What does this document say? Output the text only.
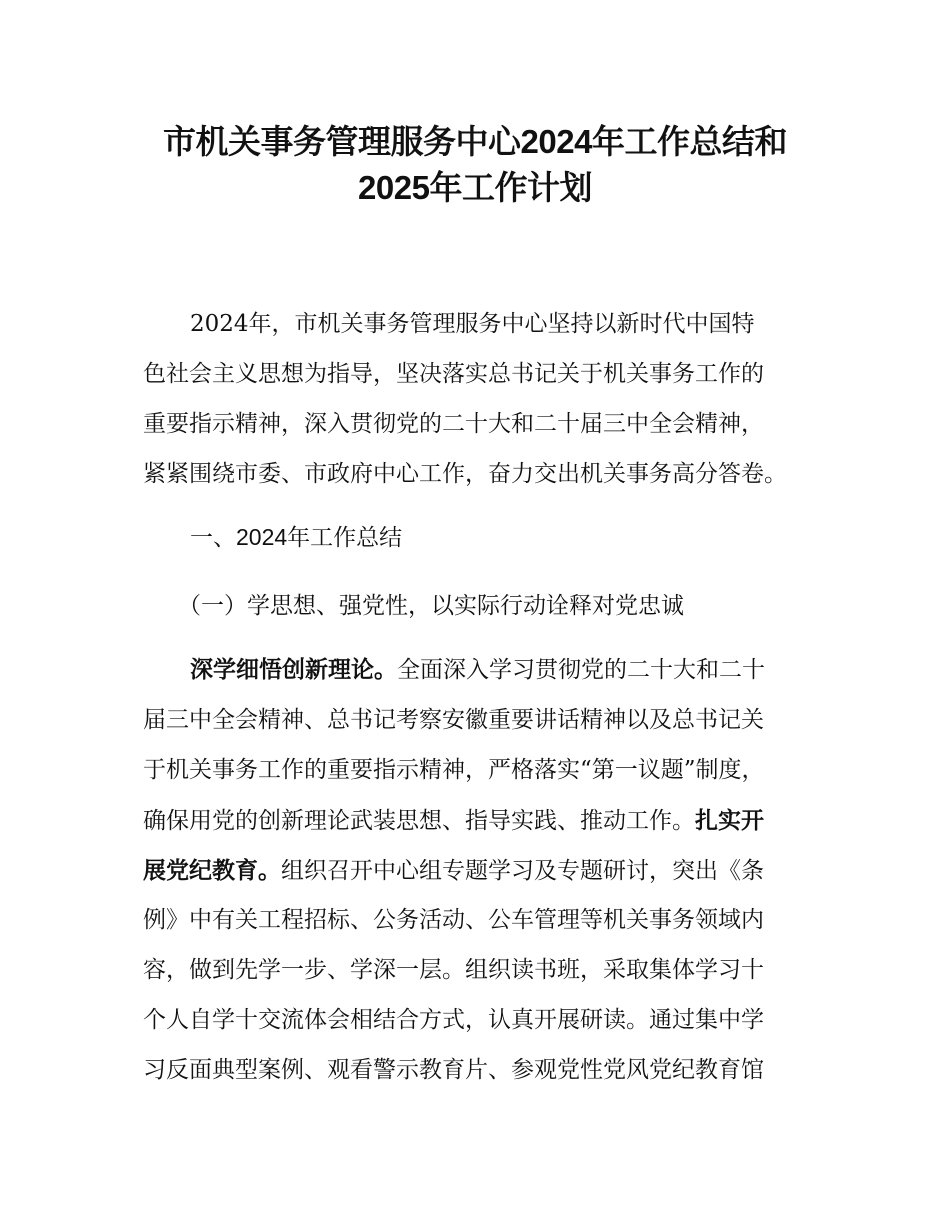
市机关事务管理服务中心2024年工作总结和
2025年工作计划

2024年，市机关事务管理服务中心坚持以新时代中国特

色社会主义思想为指导，坚决落实总书记关于机关事务工作的

重要指示精神，深入贯彻党的二十大和二十届三中全会精神，

紧紧围绕市委、市政府中心工作，奋力交出机关事务高分答卷。

一、2024年工作总结

（一）学思想、强党性，以实际行动诠释对党忠诚

深学细悟创新理论。全面深入学习贯彻党的二十大和二十

届三中全会精神、总书记考察安徽重要讲话精神以及总书记关

于机关事务工作的重要指示精神，严格落实“第一议题”制度，

确保用党的创新理论武装思想、指导实践、推动工作。扎实开

展党纪教育。组织召开中心组专题学习及专题研讨，突出《条

例》中有关工程招标、公务活动、公车管理等机关事务领域内

容，做到先学一步、学深一层。组织读书班，采取集体学习十

个人自学十交流体会相结合方式，认真开展研读。通过集中学

习反面典型案例、观看警示教育片、参观党性党风党纪教育馆
